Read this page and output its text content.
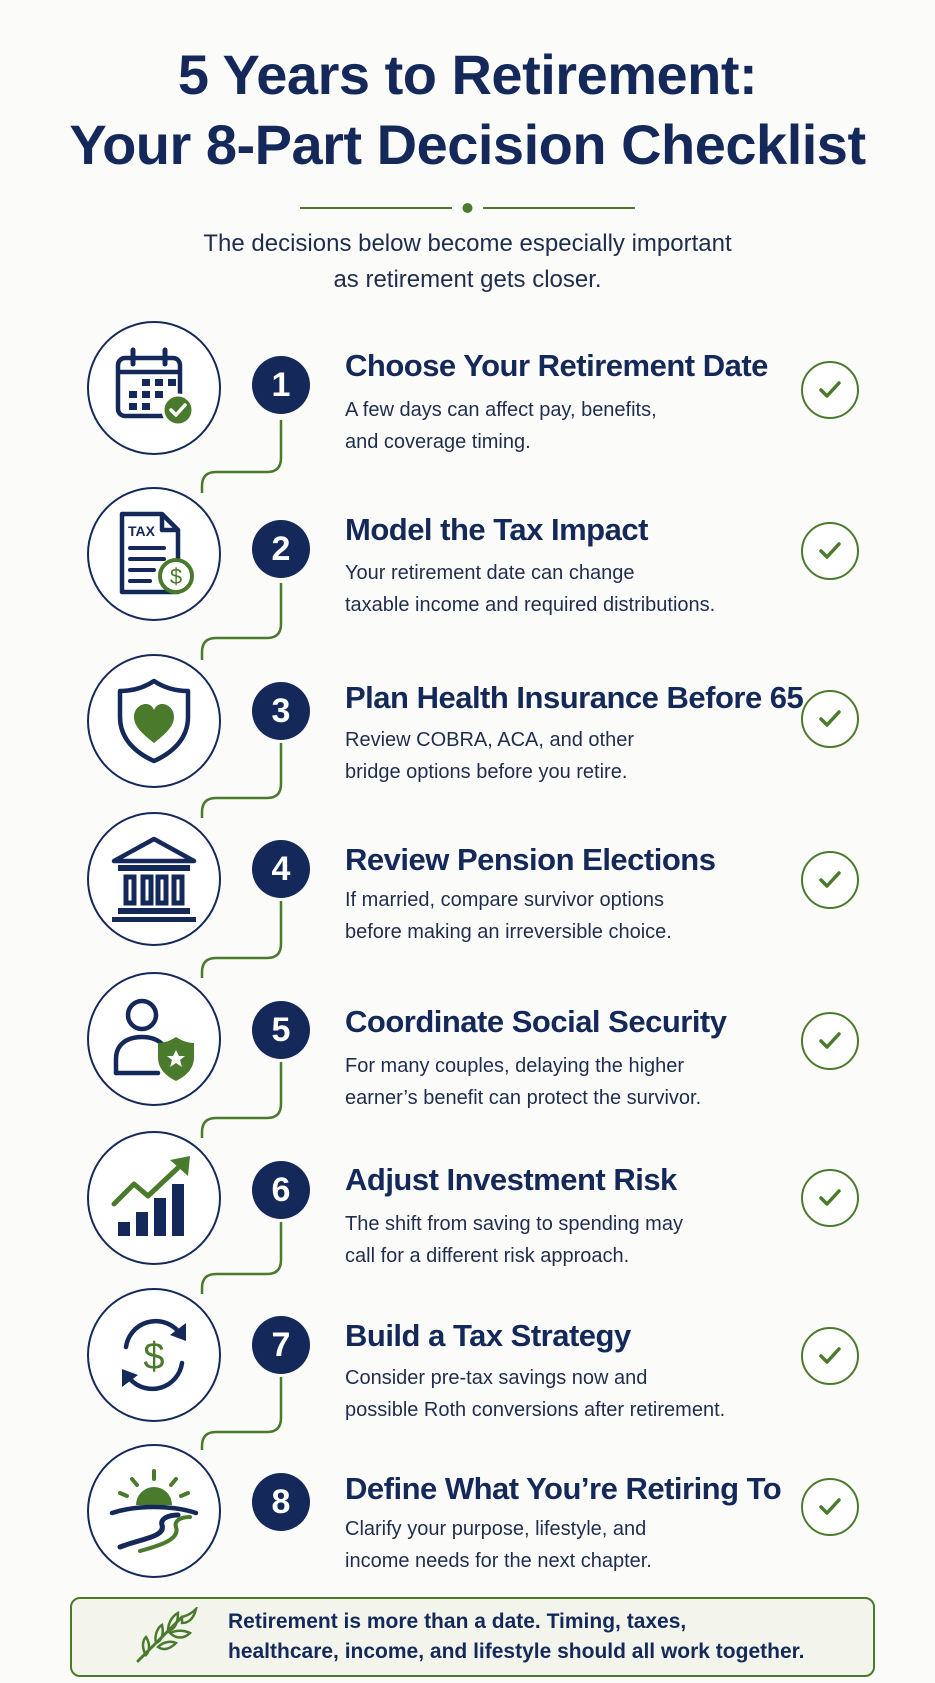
5 Years to Retirement:
Your 8-Part Decision Checklist
The decisions below become especially important
as retirement gets closer.
1	Choose Your Retirement Date
A few days can affect pay, benefits,
and coverage timing.
TAX
$
2	Model the Tax Impact
Your retirement date can change
taxable income and required distributions.
3	Plan Health Insurance Before 65
Review COBRA, ACA, and other
bridge options before you retire.
4	Review Pension Elections
If married, compare survivor options
before making an irreversible choice.
5	Coordinate Social Security
For many couples, delaying the higher
earner’s benefit can protect the survivor.
6	Adjust Investment Risk
The shift from saving to spending may
call for a different risk approach.
$	7	Build a Tax Strategy
Consider pre-tax savings now and
possible Roth conversions after retirement.
8	Define What You’re Retiring To
Clarify your purpose, lifestyle, and
income needs for the next chapter.
Retirement is more than a date. Timing, taxes,
healthcare, income, and lifestyle should all work together.
